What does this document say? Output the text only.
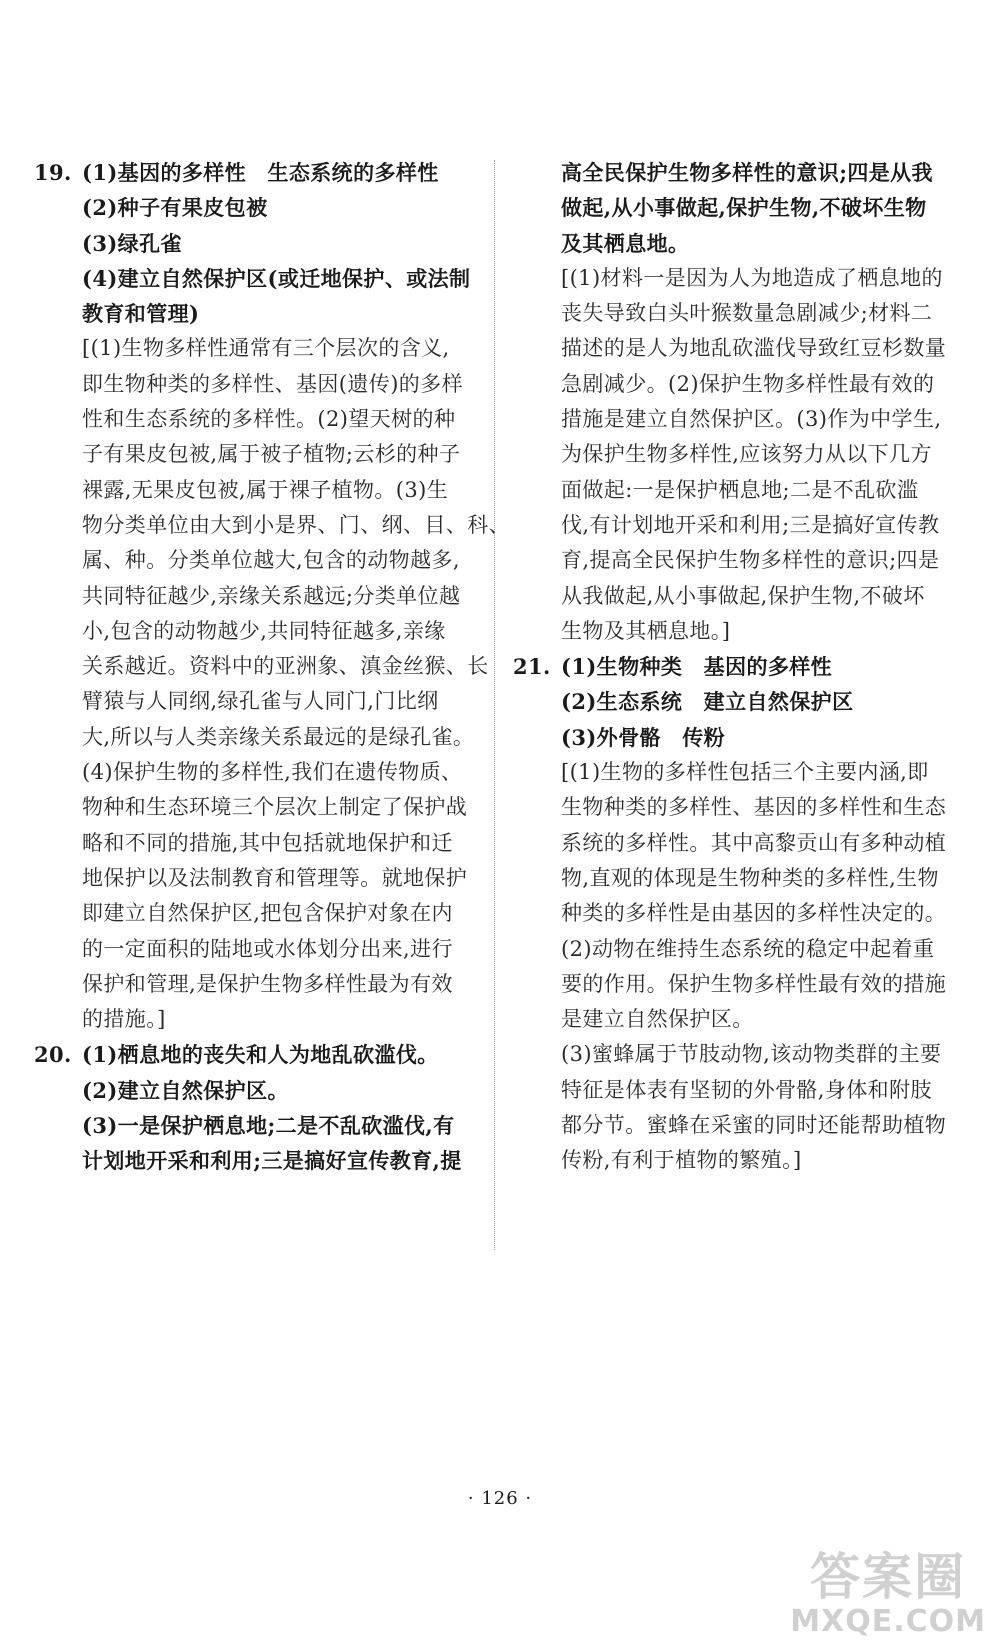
19. (1)基因的多样性　生态系统的多样性
(2)种子有果皮包被
(3)绿孔雀
(4)建立自然保护区(或迁地保护、或法制
教育和管理)
[(1)生物多样性通常有三个层次的含义,
即生物种类的多样性、基因(遗传)的多样
性和生态系统的多样性。(2)望天树的种
子有果皮包被,属于被子植物;云杉的种子
裸露,无果皮包被,属于裸子植物。(3)生
物分类单位由大到小是界、门、纲、目、科、
属、种。分类单位越大,包含的动物越多,
共同特征越少,亲缘关系越远;分类单位越
小,包含的动物越少,共同特征越多,亲缘
关系越近。资料中的亚洲象、滇金丝猴、长
臂猿与人同纲,绿孔雀与人同门,门比纲
大,所以与人类亲缘关系最远的是绿孔雀。
(4)保护生物的多样性,我们在遗传物质、
物种和生态环境三个层次上制定了保护战
略和不同的措施,其中包括就地保护和迁
地保护以及法制教育和管理等。就地保护
即建立自然保护区,把包含保护对象在内
的一定面积的陆地或水体划分出来,进行
保护和管理,是保护生物多样性最为有效
的措施。]
20. (1)栖息地的丧失和人为地乱砍滥伐。
(2)建立自然保护区。
(3)一是保护栖息地;二是不乱砍滥伐,有
计划地开采和利用;三是搞好宣传教育,提
高全民保护生物多样性的意识;四是从我
做起,从小事做起,保护生物,不破坏生物
及其栖息地。
[(1)材料一是因为人为地造成了栖息地的
丧失导致白头叶猴数量急剧减少;材料二
描述的是人为地乱砍滥伐导致红豆杉数量
急剧减少。(2)保护生物多样性最有效的
措施是建立自然保护区。(3)作为中学生,
为保护生物多样性,应该努力从以下几方
面做起:一是保护栖息地;二是不乱砍滥
伐,有计划地开采和利用;三是搞好宣传教
育,提高全民保护生物多样性的意识;四是
从我做起,从小事做起,保护生物,不破坏
生物及其栖息地。]
21. (1)生物种类　基因的多样性
(2)生态系统　建立自然保护区
(3)外骨骼　传粉
[(1)生物的多样性包括三个主要内涵,即
生物种类的多样性、基因的多样性和生态
系统的多样性。其中高黎贡山有多种动植
物,直观的体现是生物种类的多样性,生物
种类的多样性是由基因的多样性决定的。
(2)动物在维持生态系统的稳定中起着重
要的作用。保护生物多样性最有效的措施
是建立自然保护区。
(3)蜜蜂属于节肢动物,该动物类群的主要
特征是体表有坚韧的外骨骼,身体和附肢
都分节。蜜蜂在采蜜的同时还能帮助植物
传粉,有利于植物的繁殖。]
· 126 ·
答案圈
MXQE.COM
